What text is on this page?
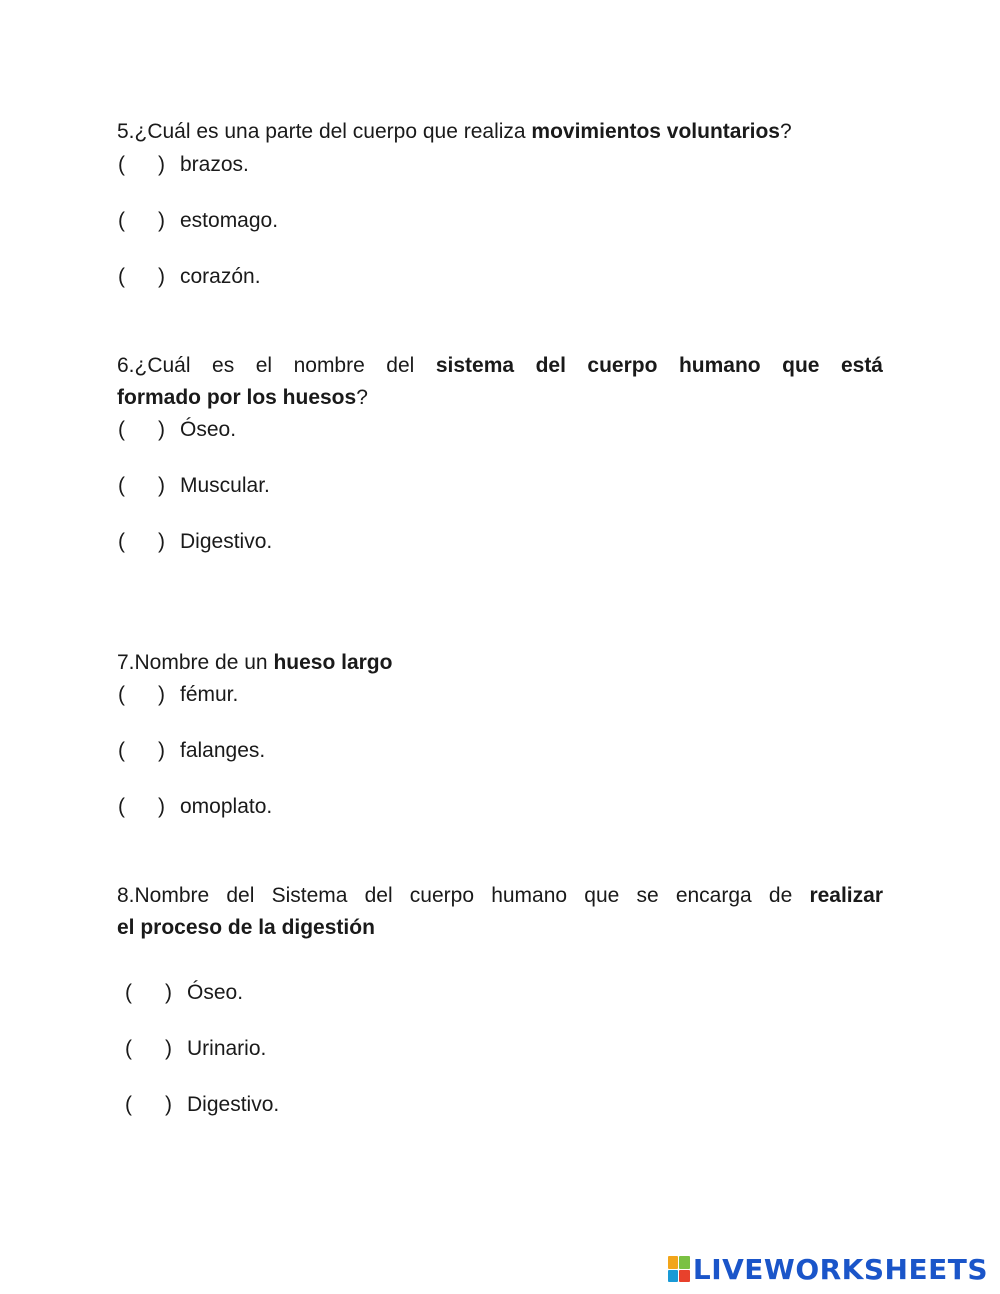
5.¿Cuál es una parte del cuerpo que realiza movimientos voluntarios?
(	) brazos.
(	) estomago.
(	) corazón.
6.¿Cuál es el nombre del sistema del cuerpo humano que está
formado por los huesos?
(	) Óseo.
(	) Muscular.
(	) Digestivo.
7.Nombre de un hueso largo
(	) fémur.
(	) falanges.
(	) omoplato.
8.Nombre del Sistema del cuerpo humano que se encarga de realizar
el proceso de la digestión
(	) Óseo.
(	) Urinario.
(	) Digestivo.
LIVEWORKSHEETS
